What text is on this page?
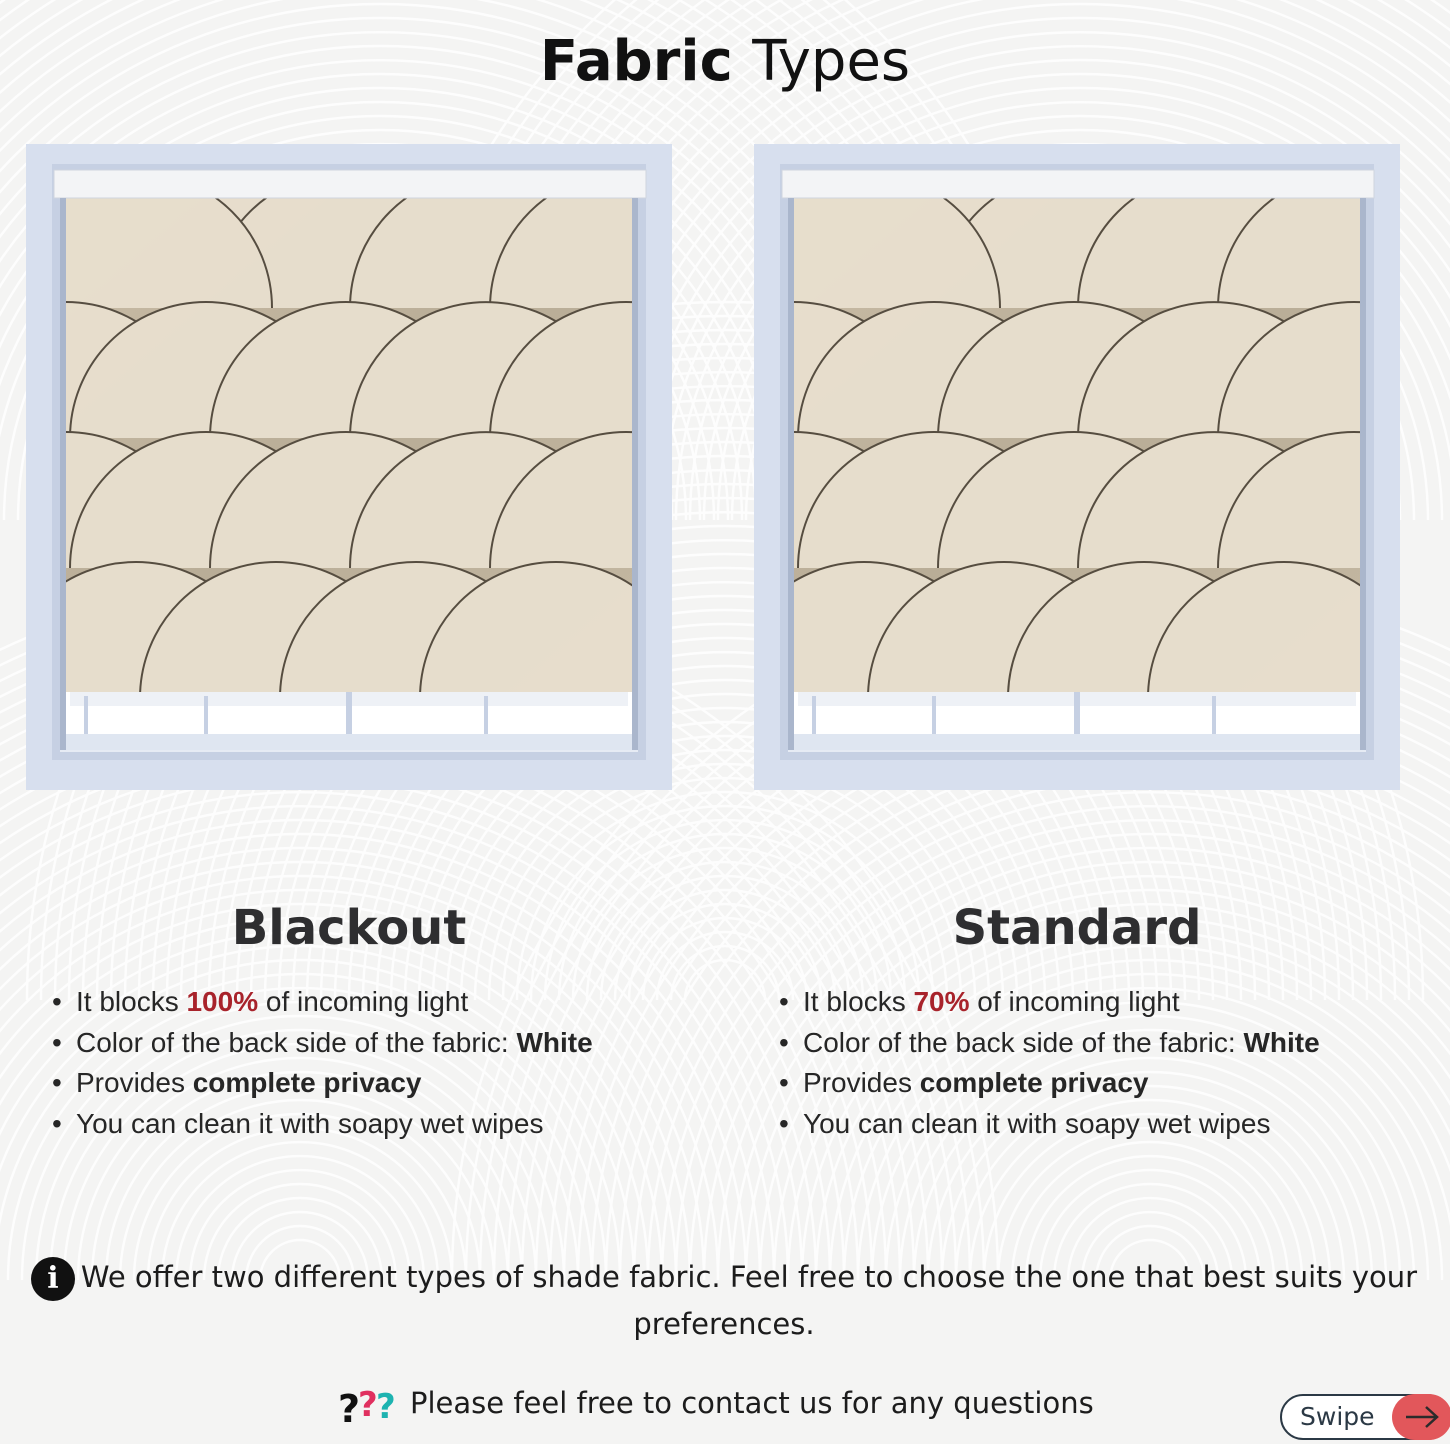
Fabric Types
Blackout	Standard
• It blocks 100% of incoming light
• Color of the back side of the fabric: White
• Provides complete privacy
• You can clean it with soapy wet wipes
• It blocks 70% of incoming light
• Color of the back side of the fabric: White
• Provides complete privacy
• You can clean it with soapy wet wipes
i We offer two different types of shade fabric. Feel free to choose the one that best suits your preferences.
?
?
? Please feel free to contact us for any questions	Swipe
